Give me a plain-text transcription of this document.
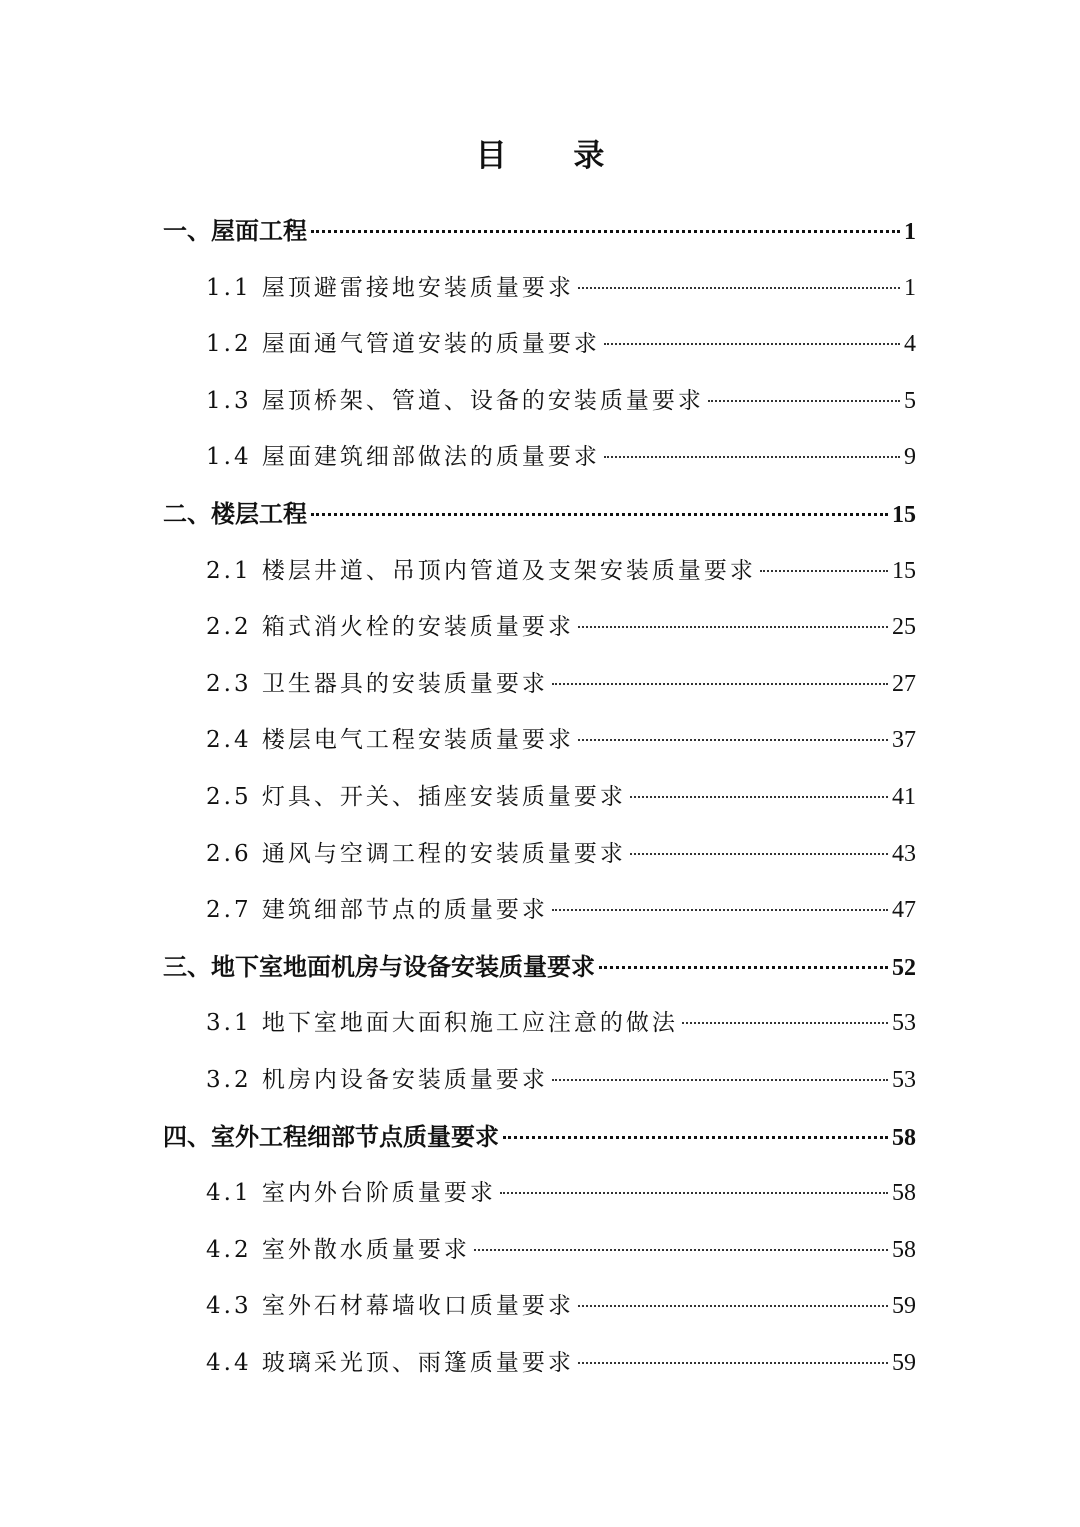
目 录
一、屋面工程	1
1.1 屋顶避雷接地安装质量要求	1
1.2 屋面通气管道安装的质量要求	4
1.3 屋顶桥架、管道、设备的安装质量要求	5
1.4 屋面建筑细部做法的质量要求	9
二、楼层工程	15
2.1 楼层井道、吊顶内管道及支架安装质量要求	15
2.2 箱式消火栓的安装质量要求	25
2.3 卫生器具的安装质量要求	27
2.4 楼层电气工程安装质量要求	37
2.5 灯具、开关、插座安装质量要求	41
2.6 通风与空调工程的安装质量要求	43
2.7 建筑细部节点的质量要求	47
三、地下室地面机房与设备安装质量要求	52
3.1 地下室地面大面积施工应注意的做法	53
3.2 机房内设备安装质量要求	53
四、室外工程细部节点质量要求	58
4.1 室内外台阶质量要求	58
4.2 室外散水质量要求	58
4.3 室外石材幕墙收口质量要求	59
4.4 玻璃采光顶、雨篷质量要求	59
